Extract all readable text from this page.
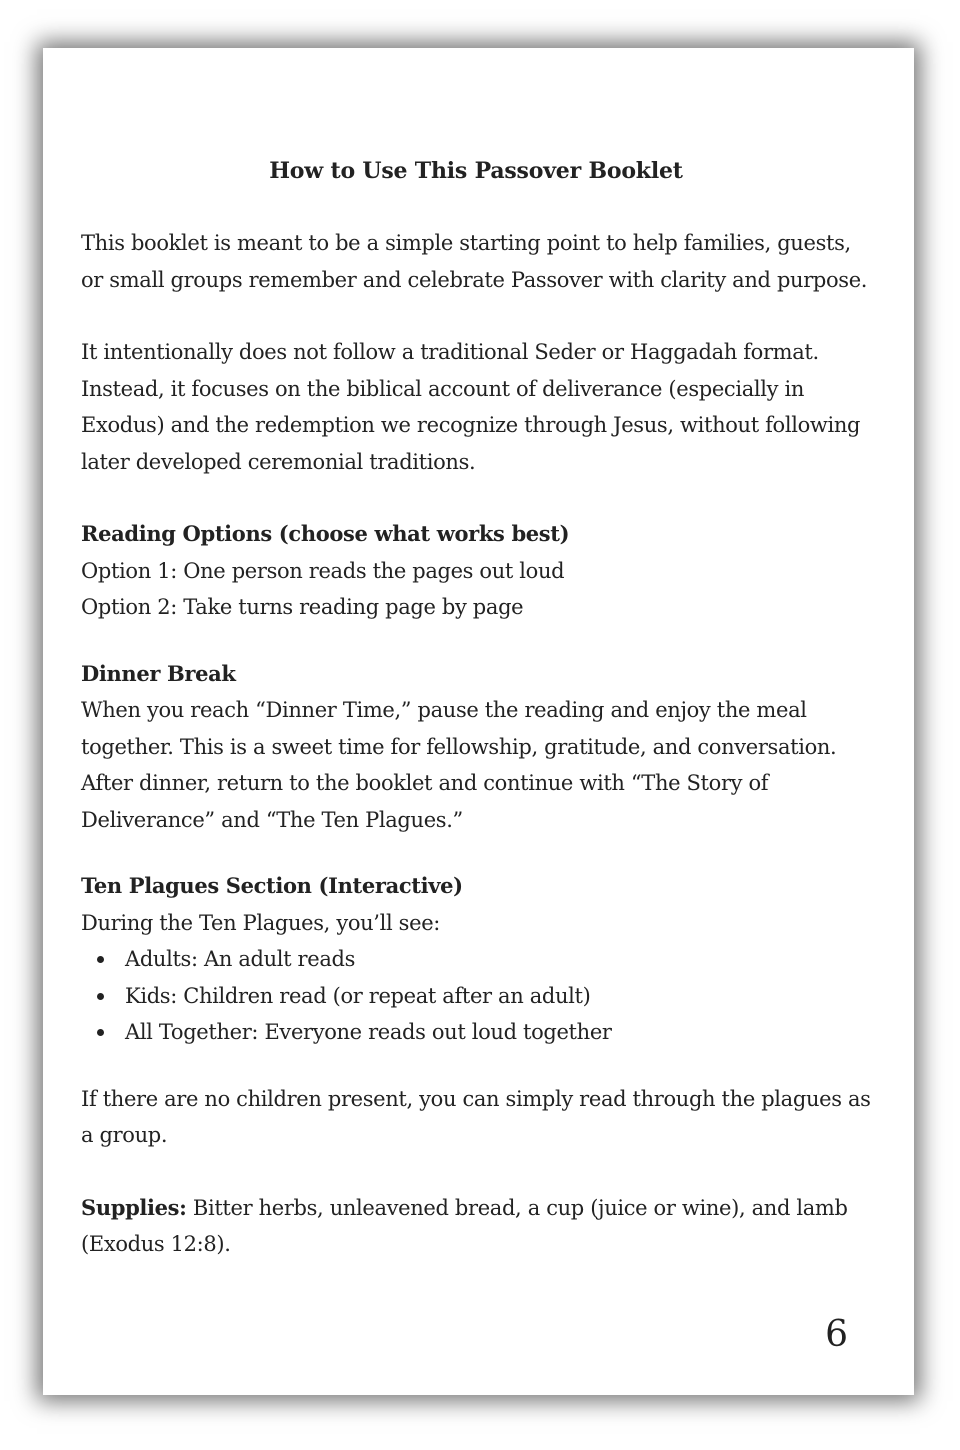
How to Use This Passover Booklet

This booklet is meant to be a simple starting point to help families, guests, or small groups remember and celebrate Passover with clarity and purpose.

It intentionally does not follow a traditional Seder or Haggadah format. Instead, it focuses on the biblical account of deliverance (especially in Exodus) and the redemption we recognize through Jesus, without following later developed ceremonial traditions.

Reading Options (choose what works best)
Option 1: One person reads the pages out loud
Option 2: Take turns reading page by page
Dinner Break
When you reach “Dinner Time,” pause the reading and enjoy the meal together. This is a sweet time for fellowship, gratitude, and conversation. After dinner, return to the booklet and continue with “The Story of Deliverance” and “The Ten Plagues.”
Ten Plagues Section (Interactive)
During the Ten Plagues, you’ll see:
Adults: An adult reads
Kids: Children read (or repeat after an adult)
All Together: Everyone reads out loud together

If there are no children present, you can simply read through the plagues as a group.

Supplies: Bitter herbs, unleavened bread, a cup (juice or wine), and lamb (Exodus 12:8).

6
